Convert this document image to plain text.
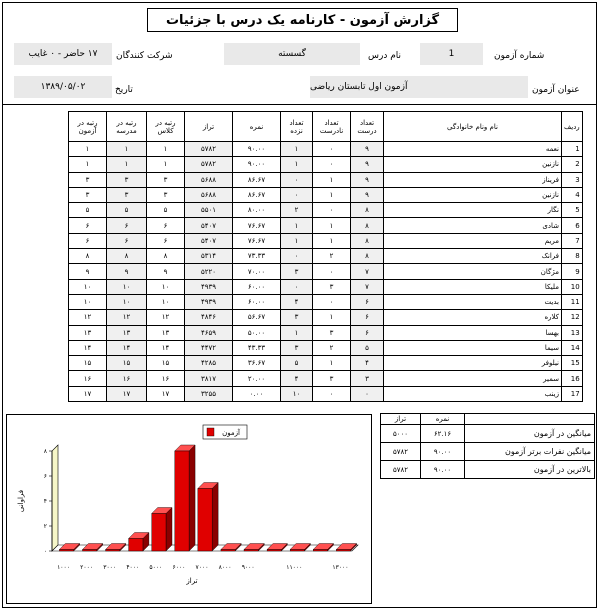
گزارش آزمون - کارنامه یک درس با جزئیات
شماره آزمون
1
نام درس
گسسته
شرکت کنندگان
۱۷ حاضر - ۰ غایب
عنوان آزمون
آزمون اول تابستان ریاضی
تاریخ
۱۳۸۹/۰۵/۰۲
ردیف	نام ونام خانوادگی	تعداد درست	تعداد نادرست	تعداد نزده	نمره	تراز	رتبه در کلاس	رتبه در مدرسه	رتبه در آزمون
1	نعمه	۹	۰	۱	۹۰.۰۰	۵۷۸۲	۱	۱	۱
2	نازنین	۹	۰	۱	۹۰.۰۰	۵۷۸۲	۱	۱	۱
3	فریناز	۹	۱	۰	۸۶.۶۷	۵۶۸۸	۳	۳	۳
4	نازنین	۹	۱	۰	۸۶.۶۷	۵۶۸۸	۳	۳	۳
5	نگار	۸	۰	۲	۸۰.۰۰	۵۵۰۱	۵	۵	۵
6	شادی	۸	۱	۱	۷۶.۶۷	۵۴۰۷	۶	۶	۶
7	مریم	۸	۱	۱	۷۶.۶۷	۵۴۰۷	۶	۶	۶
8	فرانک	۸	۲	۰	۷۳.۳۳	۵۳۱۴	۸	۸	۸
9	مژگان	۷	۰	۳	۷۰.۰۰	۵۲۲۰	۹	۹	۹
10	مليکا	۷	۳	۰	۶۰.۰۰	۴۹۳۹	۱۰	۱۰	۱۰
11	بدیت	۶	۰	۴	۶۰.۰۰	۴۹۳۹	۱۰	۱۰	۱۰
12	کلاره	۶	۱	۳	۵۶.۶۷	۴۸۴۶	۱۲	۱۲	۱۲
13	بهسا	۶	۳	۱	۵۰.۰۰	۴۶۵۹	۱۳	۱۳	۱۳
14	سیما	۵	۲	۳	۴۳.۳۳	۴۴۷۲	۱۴	۱۴	۱۴
15	نیلوفر	۴	۱	۵	۳۶.۶۷	۴۲۸۵	۱۵	۱۵	۱۵
16	سمير	۳	۳	۴	۲۰.۰۰	۳۸۱۷	۱۶	۱۶	۱۶
17	زینب	۰	۰	۱۰	۰.۰۰	۳۲۵۵	۱۷	۱۷	۱۷
	نمره	تراز
میانگین در آزمون	۶۲.۱۶	۵۰۰۰
میانگین نفرات برتر آزمون	۹۰.۰۰	۵۷۸۲
بالاترین در آزمون	۹۰.۰۰	۵۷۸۲
۰
۲
۴
۶
۸
۱۰۰۰ ۲۰۰۰ ۳۰۰۰ ۴۰۰۰ ۵۰۰۰ ۶۰۰۰ ۷۰۰۰ ۸۰۰۰ ۹۰۰۰	۱۱۰۰۰	۱۳۰۰۰
تراز
فراوانی
آزمون
